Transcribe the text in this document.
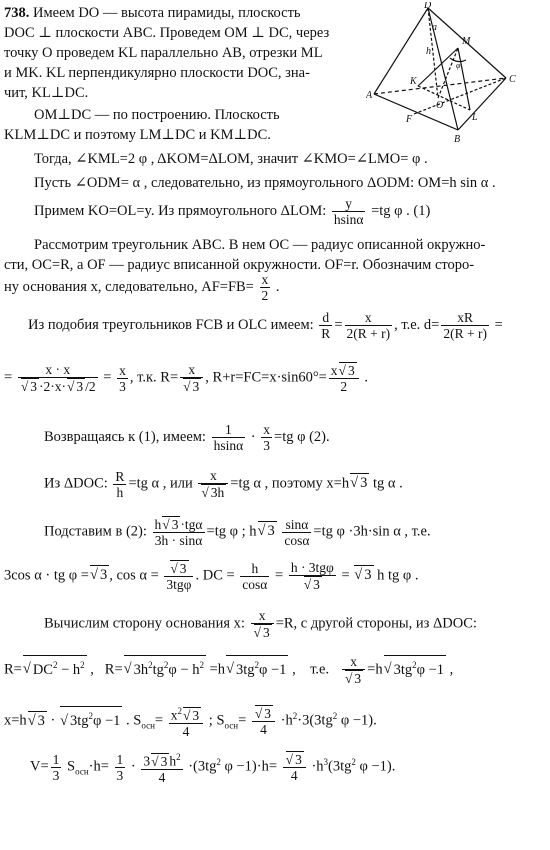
D
a
h
M
C
K
O
A
F	L
B
φ
738. Имеем DO — высота пирамиды, плоскость
DOC ⊥ плоскости ABC. Проведем OM ⊥ DC, через
точку O проведем KL параллельно AB, отрезки ML
и MK. KL перпендикулярно плоскости DOC, зна-
чит, KL⊥DC.
OM⊥DC — по построению. Плоскость
KLM⊥DC и поэтому LM⊥DC и KM⊥DC.
Тогда, ∠KML=2 φ , ΔKOM=ΔLOM, значит ∠KMO=∠LMO= φ .
Пусть ∠ODM= α , следовательно, из прямоугольного ΔODM: OM=h sin α .
Примем KO=OL=y. Из прямоугольного ΔLOM: $\frac{y}{hsin\alpha} =tg$ φ . (1)
Рассмотрим треугольник ABC. В нем OC — радиус описанной окружно-
сти, OC=R, a OF — радиус вписанной окружности. OF=r. Обозначим сторо-
ну основания x, следовательно, $AF=FB= \frac{x}{2}$ .
Из подобия треугольников FCB и OLC имеем: $\frac{d}{R} = \frac{x}{2(R + r)}$ , т.е. $d= \frac{xR}{2(R + r)}$ =
= x · x
√ 3 ·2·x·√ 3 $/2 = \frac{x}{3}$ , т.к. R= x
√ 3 , $R+r=FC=x\cdot\sin 60^\circ= \frac{x√ 3}{2}$ .
Возвращаясь к (1), имеем: $\frac{1}{hsin\alpha} \cdot \frac{x}{3} =tg$ φ (2).
Из ΔDOC: $\frac{R}{h} =tg$ α , или x
√ 3h =tg α , поэтому x=h√ 3 tg α .
Подставим в (2): $\frac{\text{h√ 3 ·tgα}}{3h \cdot \sin\alpha} =tg$ φ ; h√ $3 \frac{\sin\alpha}{\cos\alpha} =tg$ φ ·3h·sin α , т.е.
3cos α · tg φ =√ 3 , cos α =
√ $\frac{3}{\text{3tgφ}}$ . DC = $\frac{h}{\cos\alpha} = h \cdot 3tg\varphi$
√ 3 = √ 3 h tg φ .
Вычислим сторону основания x: x
√ 3 =R, с другой стороны, из ΔDOC:
R=√ $DC^2 - h^2$ ,   R=√ $3h^2tg^2\varphi - h^2 =h√$ $3tg^2\varphi -1$ ,    т.е. x
√ 3 =h√ $3tg^2\varphi -1$ ,
x=h√ 3 · √ $3tg^2\varphi -1$ . $S_{осн}= \frac{x^2√ 3}{4}$ ; $S_{осн}=$
√ $\frac{3}{4} \cdot h^2\cdot 3(3tg^2$ φ −1).
$V= \frac{1}{3} S_{осн}\cdot h= \frac{1}{3} \cdot \frac{3√ 3 h^2}{4} \cdot(3tg^2$ φ −1)·h=
√ $\frac{3}{4} \cdot h^3(3tg^2$ φ −1).
